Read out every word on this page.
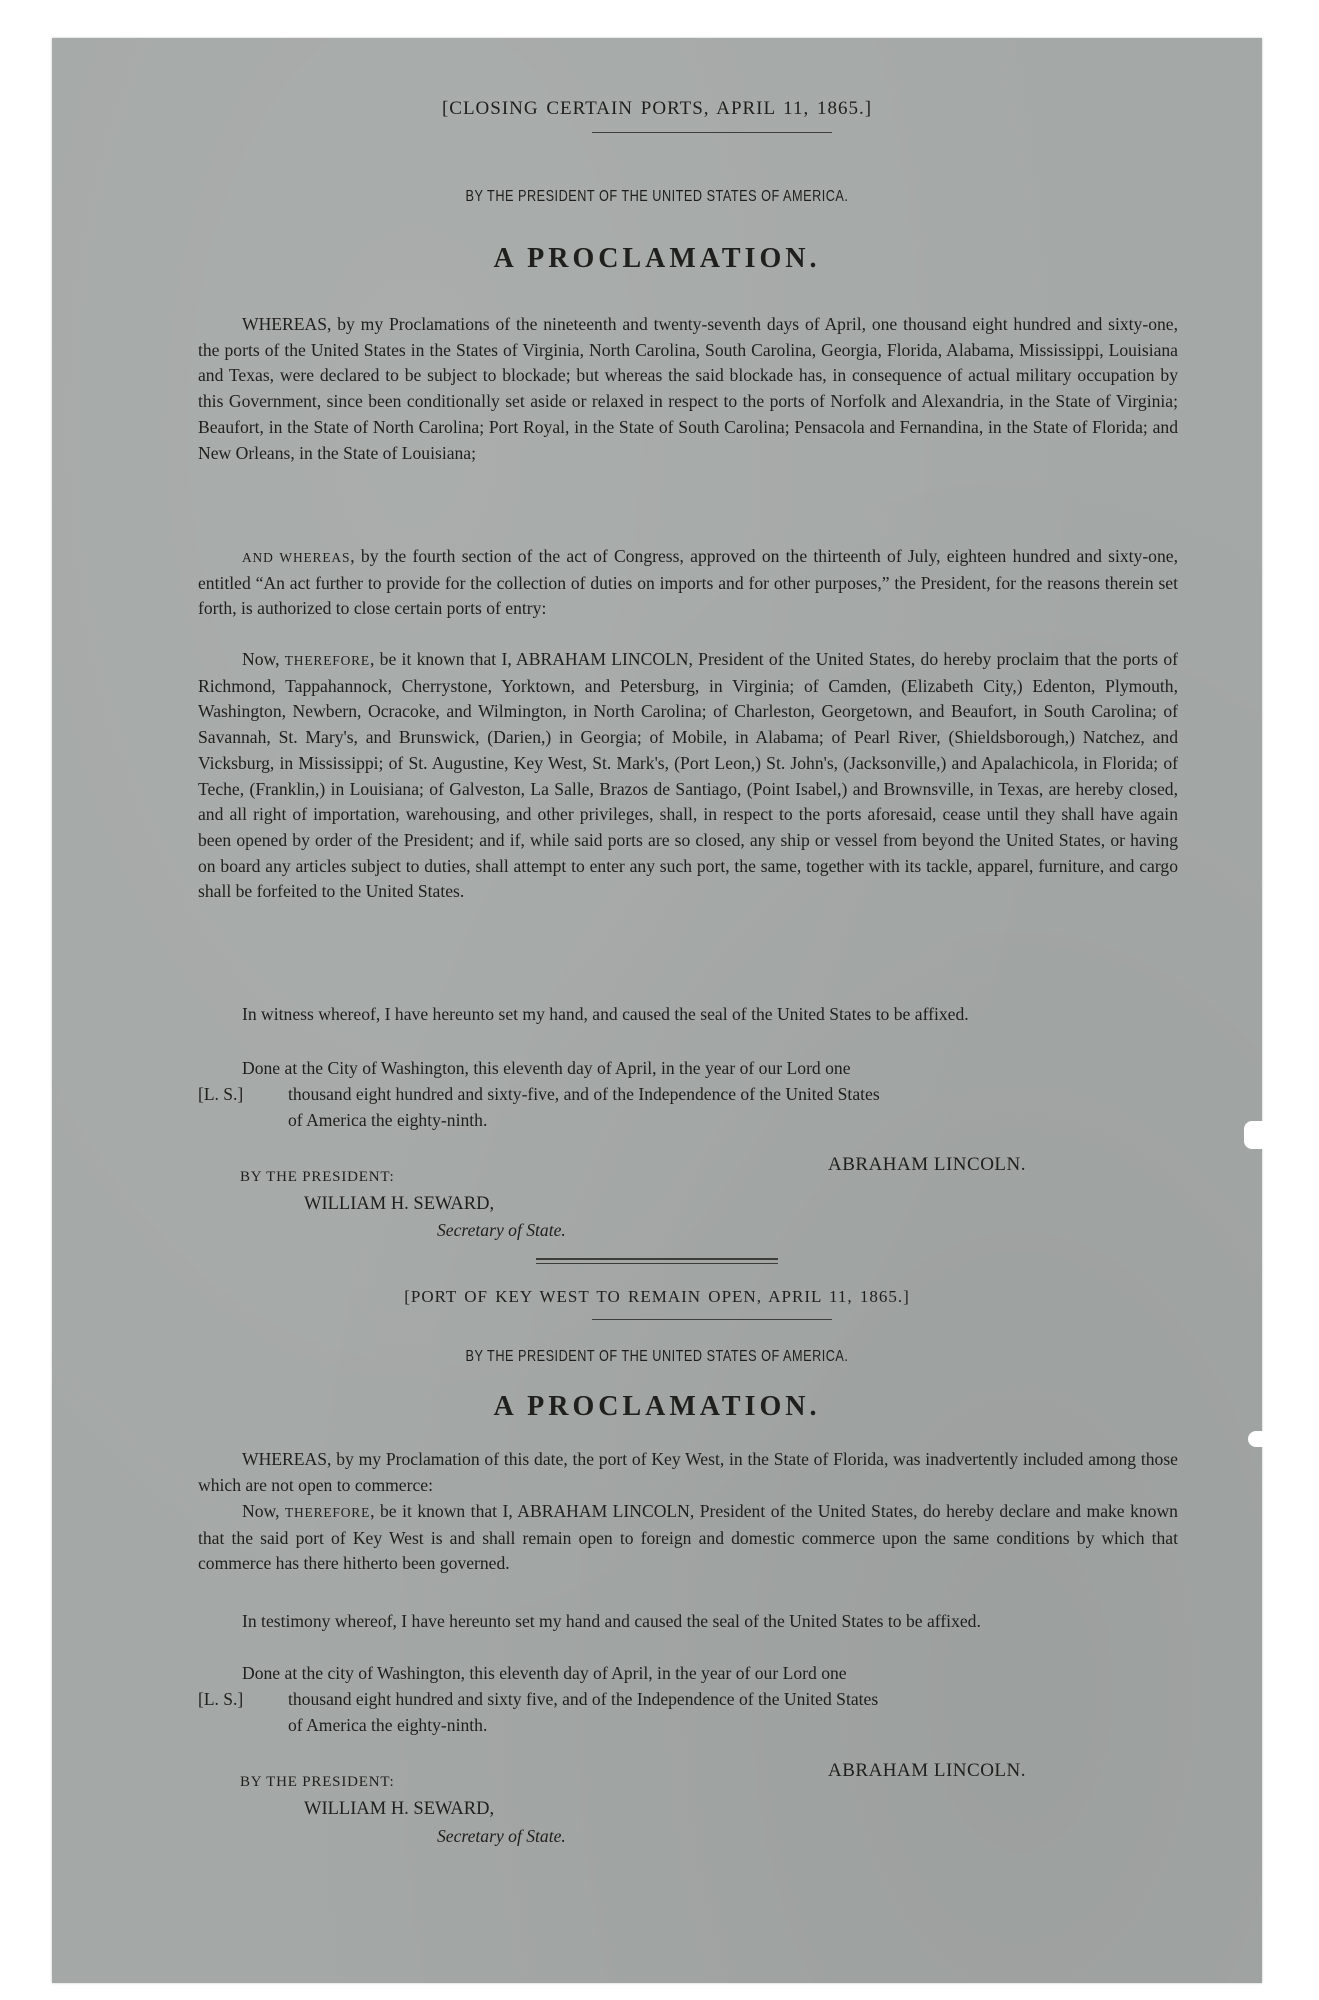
[CLOSING CERTAIN PORTS, APRIL 11, 1865.]

BY THE PRESIDENT OF THE UNITED STATES OF AMERICA.

A PROCLAMATION.

WHEREAS, by my Proclamations of the nineteenth and twenty-seventh days of April, one thousand eight hundred and sixty-one, the ports of the United States in the States of Virginia, North Carolina, South Carolina, Georgia, Florida, Alabama, Mississippi, Louisiana and Texas, were declared to be subject to blockade; but whereas the said blockade has, in consequence of actual military occupation by this Government, since been conditionally set aside or relaxed in respect to the ports of Norfolk and Alexandria, in the State of Virginia; Beaufort, in the State of North Carolina; Port Royal, in the State of South Carolina; Pensacola and Fernandina, in the State of Florida; and New Orleans, in the State of Louisiana;

AND WHEREAS, by the fourth section of the act of Congress, approved on the thirteenth of July, eighteen hundred and sixty-one, entitled “An act further to provide for the collection of duties on imports and for other purposes,” the President, for the reasons therein set forth, is authorized to close certain ports of entry:

Now, THEREFORE, be it known that I, ABRAHAM LINCOLN, President of the United States, do hereby proclaim that the ports of Richmond, Tappahannock, Cherrystone, Yorktown, and Petersburg, in Virginia; of Camden, (Elizabeth City,) Edenton, Plymouth, Washington, Newbern, Ocracoke, and Wilmington, in North Carolina; of Charleston, Georgetown, and Beaufort, in South Carolina; of Savannah, St. Mary's, and Brunswick, (Darien,) in Georgia; of Mobile, in Alabama; of Pearl River, (Shieldsborough,) Natchez, and Vicksburg, in Mississippi; of St. Augustine, Key West, St. Mark's, (Port Leon,) St. John's, (Jacksonville,) and Apalachicola, in Florida; of Teche, (Franklin,) in Louisiana; of Galveston, La Salle, Brazos de Santiago, (Point Isabel,) and Brownsville, in Texas, are hereby closed, and all right of importation, warehousing, and other privileges, shall, in respect to the ports aforesaid, cease until they shall have again been opened by order of the President; and if, while said ports are so closed, any ship or vessel from beyond the United States, or having on board any articles subject to duties, shall attempt to enter any such port, the same, together with its tackle, apparel, furniture, and cargo shall be forfeited to the United States.

In witness whereof, I have hereunto set my hand, and caused the seal of the United States to be affixed.

Done at the City of Washington, this eleventh day of April, in the year of our Lord one

thousand eight hundred and sixty-five, and of the Independence of the United States

of America the eighty-ninth.

[L. S.]

ABRAHAM LINCOLN.

BY THE PRESIDENT:

WILLIAM H. SEWARD,

Secretary of State.

[PORT OF KEY WEST TO REMAIN OPEN, APRIL 11, 1865.]

BY THE PRESIDENT OF THE UNITED STATES OF AMERICA.

A PROCLAMATION.

WHEREAS, by my Proclamation of this date, the port of Key West, in the State of Florida, was inadvertently included among those which are not open to commerce:

Now, THEREFORE, be it known that I, ABRAHAM LINCOLN, President of the United States, do hereby declare and make known that the said port of Key West is and shall remain open to foreign and domestic commerce upon the same conditions by which that commerce has there hitherto been governed.

In testimony whereof, I have hereunto set my hand and caused the seal of the United States to be affixed.

Done at the city of Washington, this eleventh day of April, in the year of our Lord one

thousand eight hundred and sixty five, and of the Independence of the United States

of America the eighty-ninth.

[L. S.]

ABRAHAM LINCOLN.

BY THE PRESIDENT:

WILLIAM H. SEWARD,

Secretary of State.
